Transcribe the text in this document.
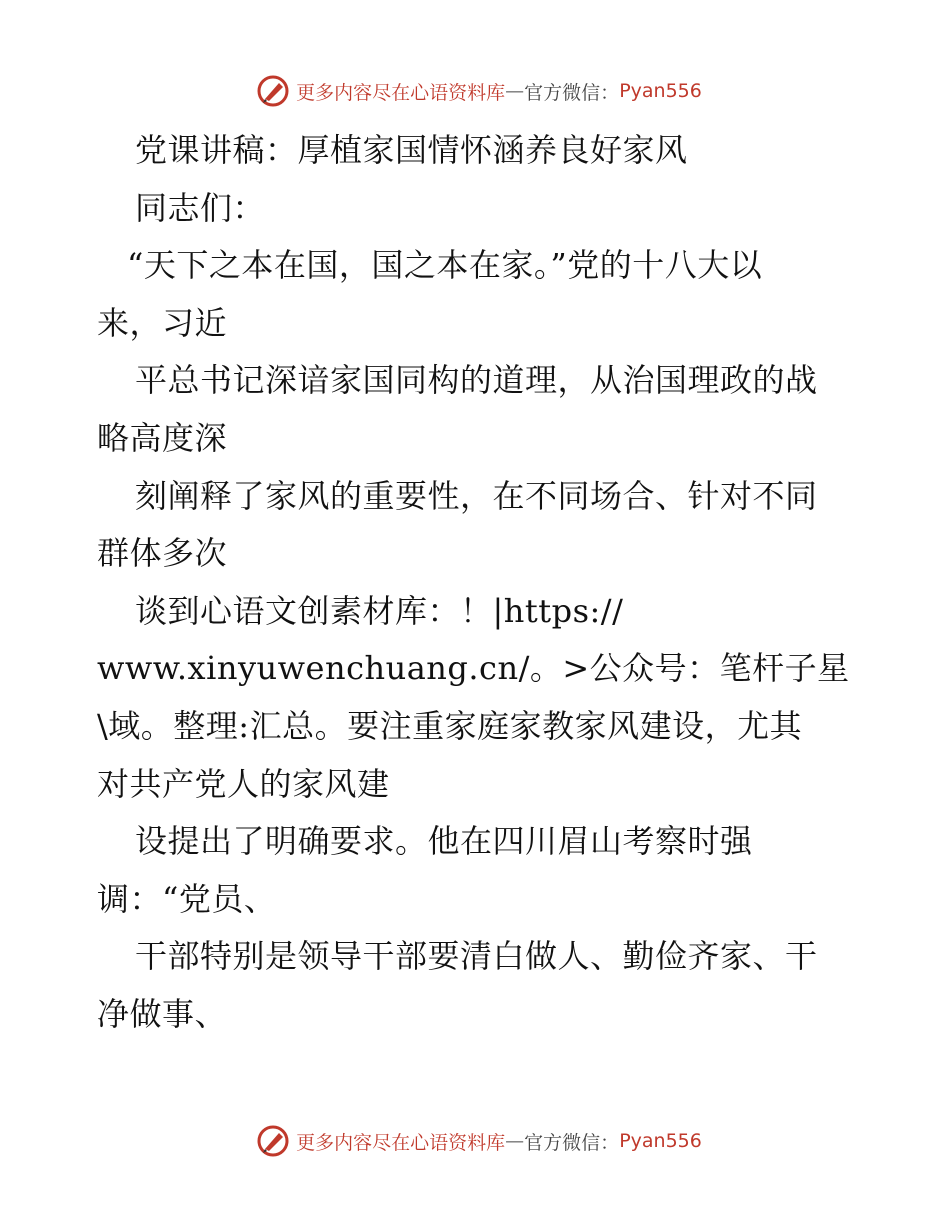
更多内容尽在心语资料库 — 官方微信： Pyan556
党课讲稿：厚植家国情怀涵养良好家风
同志们：
“天下之本在国，国之本在家。”党的十八大以
来，习近
平总书记深谙家国同构的道理，从治国理政的战
略高度深
刻阐释了家风的重要性，在不同场合、针对不同
群体多次
谈到心语文创素材库：！|https://
www.xinyuwenchuang.cn/。>公众号：笔杆子星
\域。整理:汇总。要注重家庭家教家风建设，尤其
对共产党人的家风建
设提出了明确要求。他在四川眉山考察时强
调：“党员、
干部特别是领导干部要清白做人、勤俭齐家、干
净做事、
更多内容尽在心语资料库 — 官方微信： Pyan556
